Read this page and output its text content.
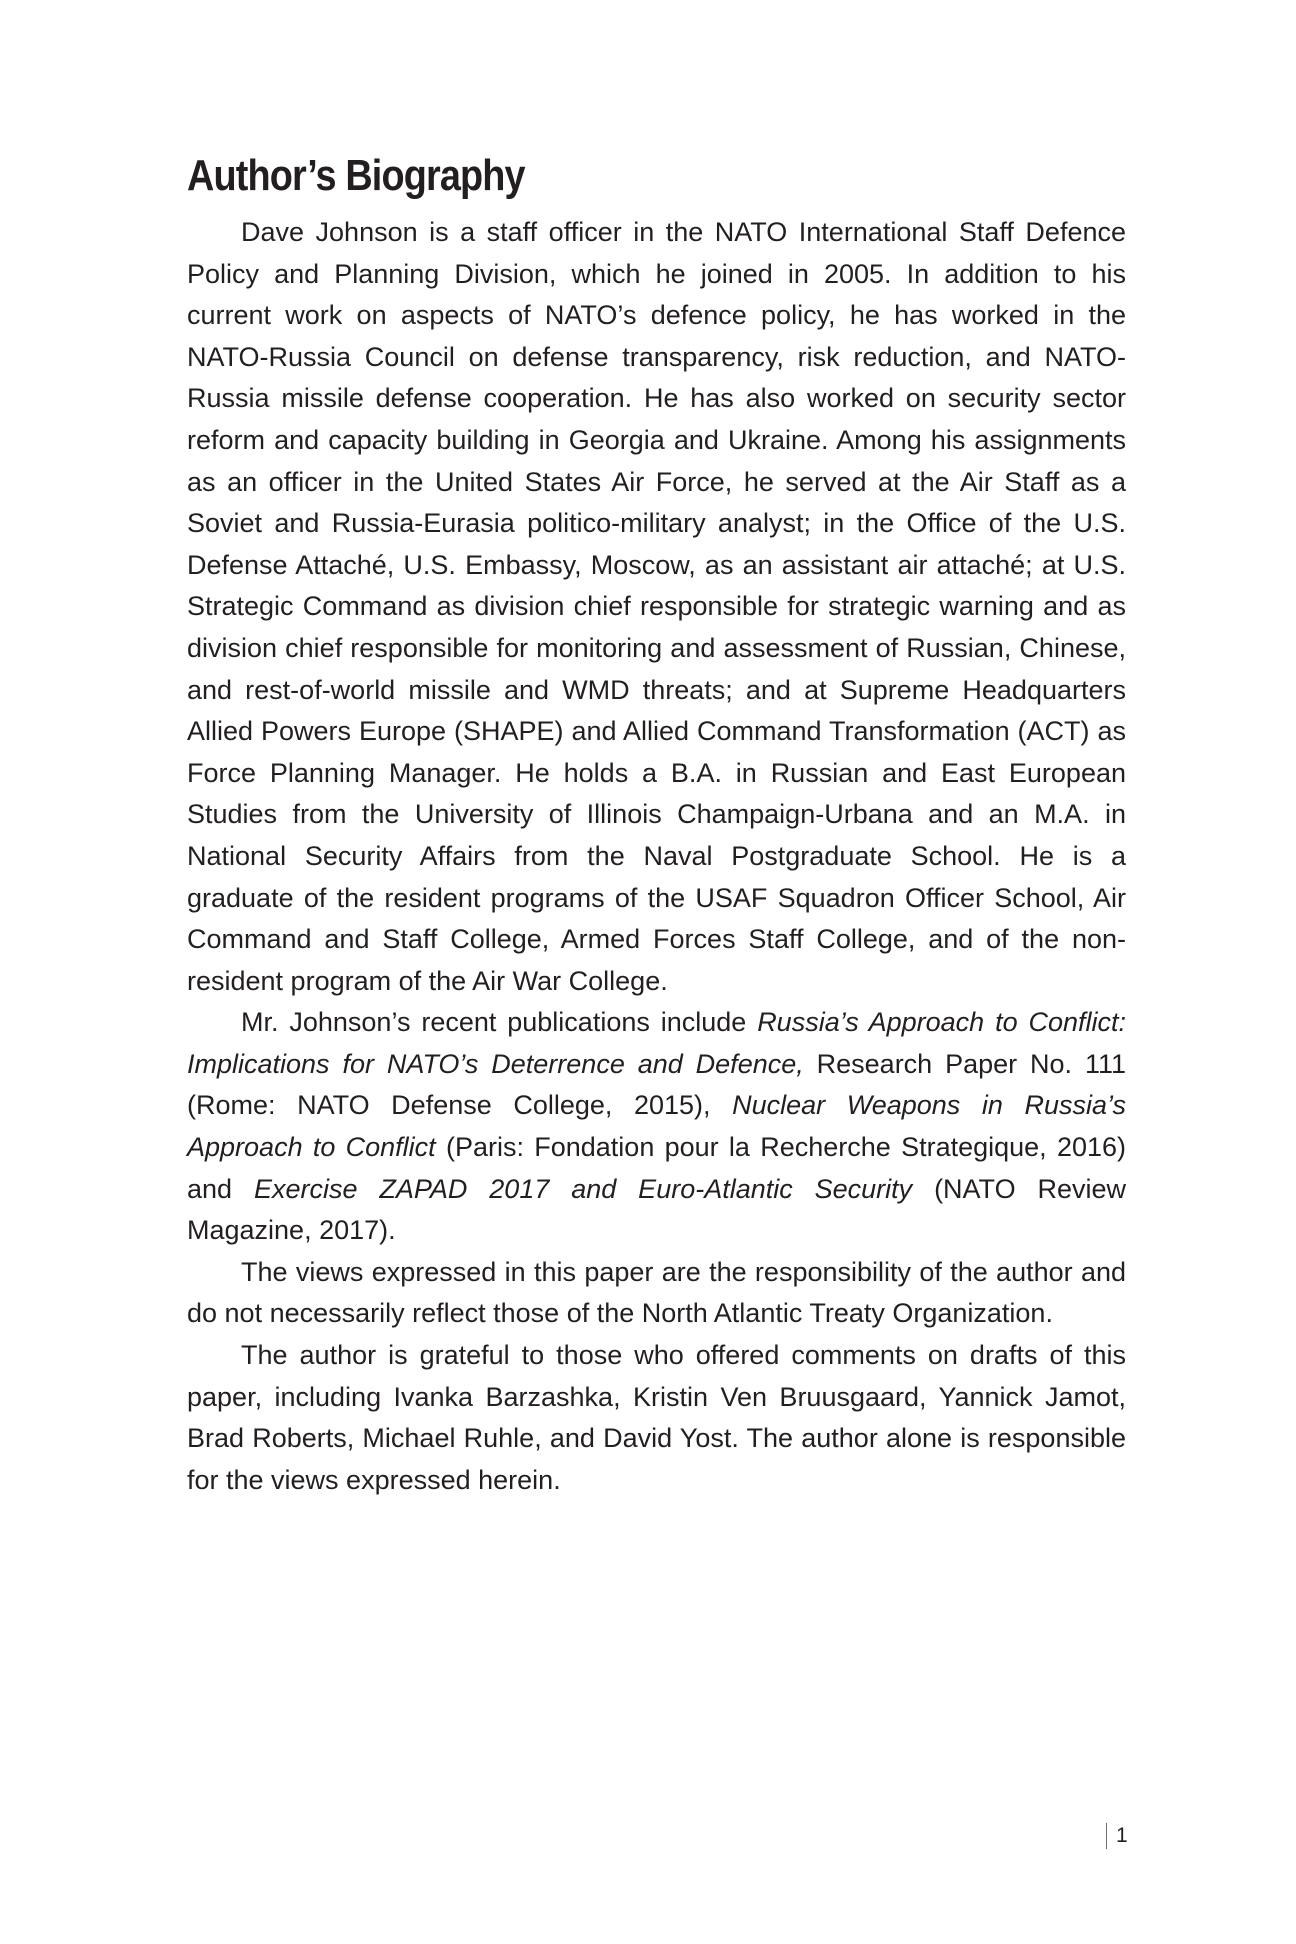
Author’s Biography

Dave Johnson is a staff officer in the NATO International Staff Defence Policy and Planning Division, which he joined in 2005. In addition to his current work on aspects of NATO’s defence policy, he has worked in the NATO-Russia Council on defense transparency, risk reduction, and NATO-Russia missile defense cooperation. He has also worked on security sector reform and capacity building in Georgia and Ukraine. Among his assignments as an officer in the United States Air Force, he served at the Air Staff as a Soviet and Russia-Eurasia politico-military analyst; in the Office of the U.S. Defense Attaché, U.S. Embassy, Moscow, as an assistant air attaché; at U.S. Strategic Command as division chief responsible for strategic warning and as division chief responsible for monitoring and assessment of Russian, Chinese, and rest-of-world missile and WMD threats; and at Supreme Headquarters Allied Powers Europe (SHAPE) and Allied Command Transformation (ACT) as Force Planning Manager. He holds a B.A. in Russian and East European Studies from the University of Illinois Champaign-Urbana and an M.A. in National Security Affairs from the Naval Postgraduate School. He is a graduate of the resident programs of the USAF Squadron Officer School, Air Command and Staff College, Armed Forces Staff College, and of the non-resident program of the Air War College.

Mr. Johnson’s recent publications include Russia’s Approach to Conflict: Implications for NATO’s Deterrence and Defence, Research Paper No. 111 (Rome: NATO Defense College, 2015), Nuclear Weapons in Russia’s Approach to Conflict (Paris: Fondation pour la Recherche Strategique, 2016) and Exercise ZAPAD 2017 and Euro-Atlantic Security (NATO Review Magazine, 2017).

The views expressed in this paper are the responsibility of the author and do not necessarily reflect those of the North Atlantic Treaty Organization.

The author is grateful to those who offered comments on drafts of this paper, including Ivanka Barzashka, Kristin Ven Bruusgaard, Yannick Jamot, Brad Roberts, Michael Ruhle, and David Yost. The author alone is responsible for the views expressed herein.

1
